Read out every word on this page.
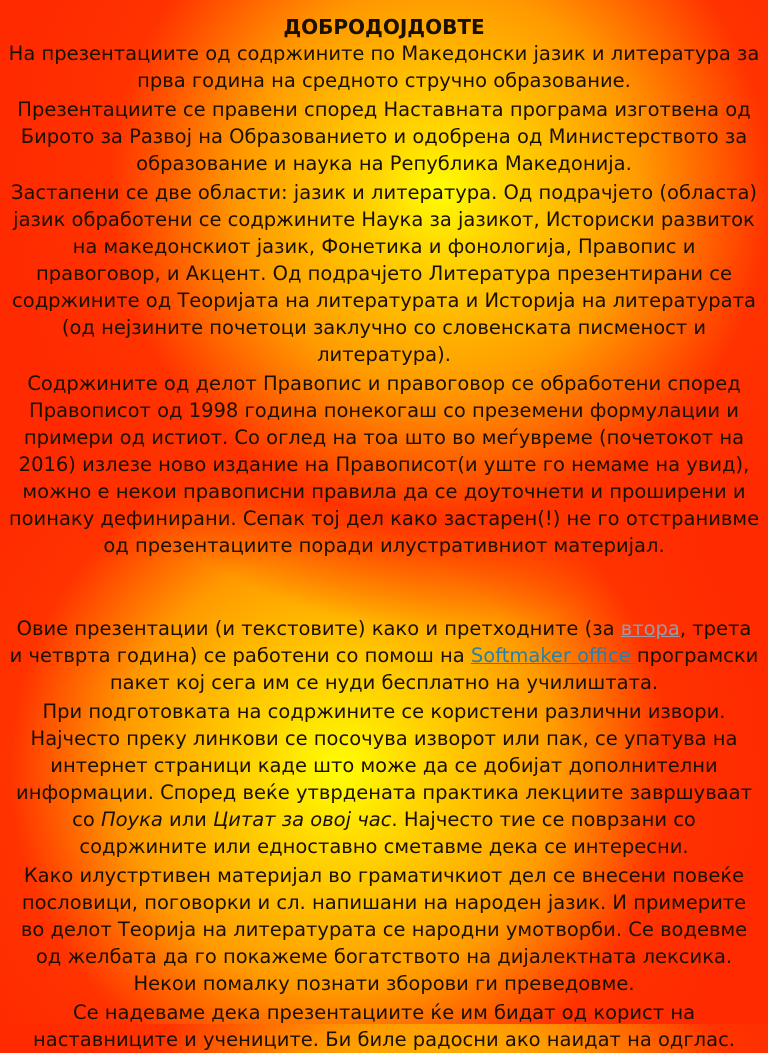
ДОБРОДОЈДОВТЕ
На презентациите од содржините по Македонски јазик и литература за прва година на средното стручно образование.
Презентациите се правени според Наставната програма изготвена од Бирото за Развој на Образованието и одобрена од Министерството за образование и наука на Република Македонија.
Застапени се две области: јазик и литература. Од подрачјето (областа) јазик обработени се содржините Наука за јазикот, Историски развиток на македонскиот јазик, Фонетика и фонологија, Правопис и правоговор, и Акцент. Од подрачјето Литература презентирани се содржините од Теоријата на литературата и Историја на литературата (од нејзините почетоци заклучно со словенската писменост и литература).
Содржините од делот Правопис и правоговор се обработени според Правописот од 1998 година понекогаш со преземени формулации и примери од истиот. Со оглед на тоа што во меѓувреме (почетокот на 2016) излезе ново издание на Правописот(и уште го немаме на увид), можно е некои правописни правила да се доуточнети и проширени и поинаку дефинирани. Сепак тој дел како застарен(!) не го отстранивме од презентациите поради илустративниот материјал.
Овие презентации (и текстовите) како и претходните (за втора, трета и четврта година) се работени со помош на Softmaker office програмски пакет кој сега им се нуди бесплатно на училиштата.
При подготовката на содржините се користени различни извори. Најчесто преку линкови се посочува изворот или пак, се упатува на интернет страници каде што може да се добијат дополнителни информации. Според веќе утврдената практика лекциите завршуваат со Поука или Цитат за овој час. Најчесто тие се поврзани со содржините или едноставно сметавме дека се интересни.
Како илустртивен материјал во граматичкиот дел се внесени повеќе пословици, поговорки и сл. напишани на народен јазик. И примерите во делот Теорија на литературата се народни умотворби. Се водевме од желбата да го покажеме богатството на дијалектната лексика. Некои помалку познати зборови ги преведовме.
Се надеваме дека презентациите ќе им бидат од корист на наставниците и учениците. Би биле радосни ако наидат на одглас.
